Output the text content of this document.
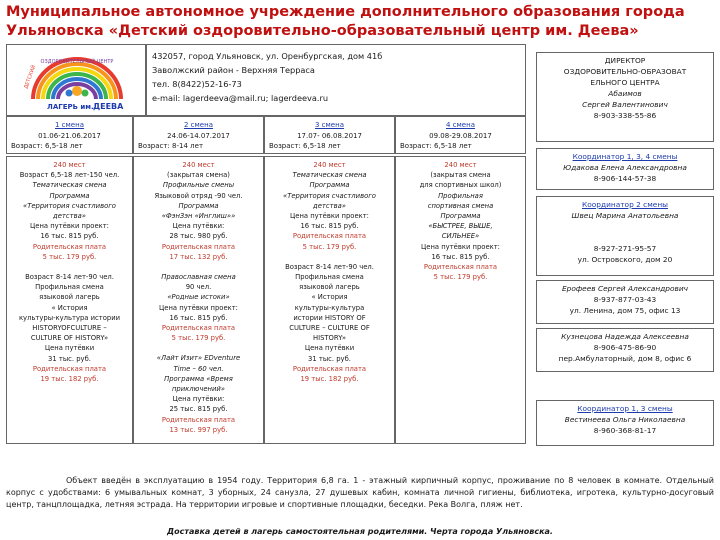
Муниципальное автономное учреждение дополнительного образования города Ульяновска «Детский оздоровительно-образовательный центр им. Деева»
ОЗДОРОВИТЕЛЬНЫЙ ЦЕНТР
ДЕТСКИЙ
ЛАГЕРЬ им. ДЕЕВА
432057, город Ульяновск, ул. Оренбургская, дом 41б
Заволжский район - Верхняя Терраса
тел. 8(8422)52-16-73
e-mail: lagerdeeva@mail.ru; lagerdeeva.ru
1 смена
01.06-21.06.2017
Возраст: 6,5-18 лет
2 смена
24.06-14.07.2017
Возраст: 8-14 лет
3 смена
17.07- 06.08.2017
Возраст: 6,5-18 лет
4 смена
09.08-29.08.2017
Возраст: 6,5-18 лет

240 мест

Возраст 6,5-18 лет-150 чел.

Тематическая смена

Программа

«Территория счастливого детства»

Цена путёвки проект:

16 тыс. 815 руб.

Родительская плата

5 тыс. 179 руб.

Возраст 8-14 лет-90 чел.

Профильная смена

языковой лагерь

« История

культуры-культура истории

HISTORYOFCULTURE –

CULTURE OF HISTORY»

Цена путёвки

31 тыс. руб.

Родительская плата

19 тыс. 182 руб.

240 мест

(закрытая смена)

Профильные смены

Языковой отряд -90 чел.

Программа

«ФэнЗэн «Инглиш»»

Цена путёвки:

28 тыс. 980 руб.

Родительская плата

17 тыс. 132 руб.

Православная смена

90 чел.

«Родные истоки»

Цена путёвки проект:

16 тыс. 815 руб.

Родительская плата

5 тыс. 179 руб.

«Лайт Изит» EDventure

Time – 60 чел.

Программа «Время

приключений»

Цена путёвки:

25 тыс. 815 руб.

Родительская плата

13 тыс. 997 руб.

240 мест

Тематическая смена

Программа

«Территория счастливого детства»

Цена путёвки проект:

16 тыс. 815 руб.

Родительская плата

5 тыс. 179 руб.

Возраст 8-14 лет-90 чел.

Профильная смена

языковой лагерь

« История

культуры-культура

истории HISTORY OF

CULTURE – CULTURE OF

HISTORY»

Цена путёвки

31 тыс. руб.

Родительская плата

19 тыс. 182 руб.

240 мест

(закрытая смена

для спортивных школ)

Профильная

спортивная смена

Программа

«БЫСТРЕЕ, ВЫШЕ,

СИЛЬНЕЕ»

Цена путёвки проект:

16 тыс. 815 руб.

Родительская плата

5 тыс. 179 руб.

ДИРЕКТОР
ОЗДОРОВИТЕЛЬНО-ОБРАЗОВАТ
ЕЛЬНОГО ЦЕНТРА
Абаимов
Сергей Валентинович
8-903-338-55-86
Координатор 1, 3, 4 смены
Юдакова Елена Александровна
8-906-144-57-38
Координатор 2 смены
Швец Марина Анатольевна
8-927-271-95-57
ул. Островского, дом 20
Ерофеев Сергей Александрович
8-937-877-03-43
ул. Ленина, дом 75, офис 13
Кузнецова Надежда Алексеевна
8-906-475-86-90
пер.Амбулаторный, дом 8, офис 6
Координатор 1, 3 смены
Вестинеева Ольга Николаевна
8-960-368-81-17
Объект введён в эксплуатацию в 1954 году. Территория 6,8 га. 1 - этажный кирпичный корпус, проживание по 8 человек в комнате. Отдельный корпус с удобствами: 6 умывальных комнат, 3 уборных, 24 санузла, 27 душевых кабин, комната личной гигиены, библиотека, игротека, культурно-досуговый центр, танцплощадка, летняя эстрада. На территории игровые и спортивные площадки, беседки. Река Волга, пляж нет.
Доставка детей в лагерь самостоятельная родителями. Черта города Ульяновска.
